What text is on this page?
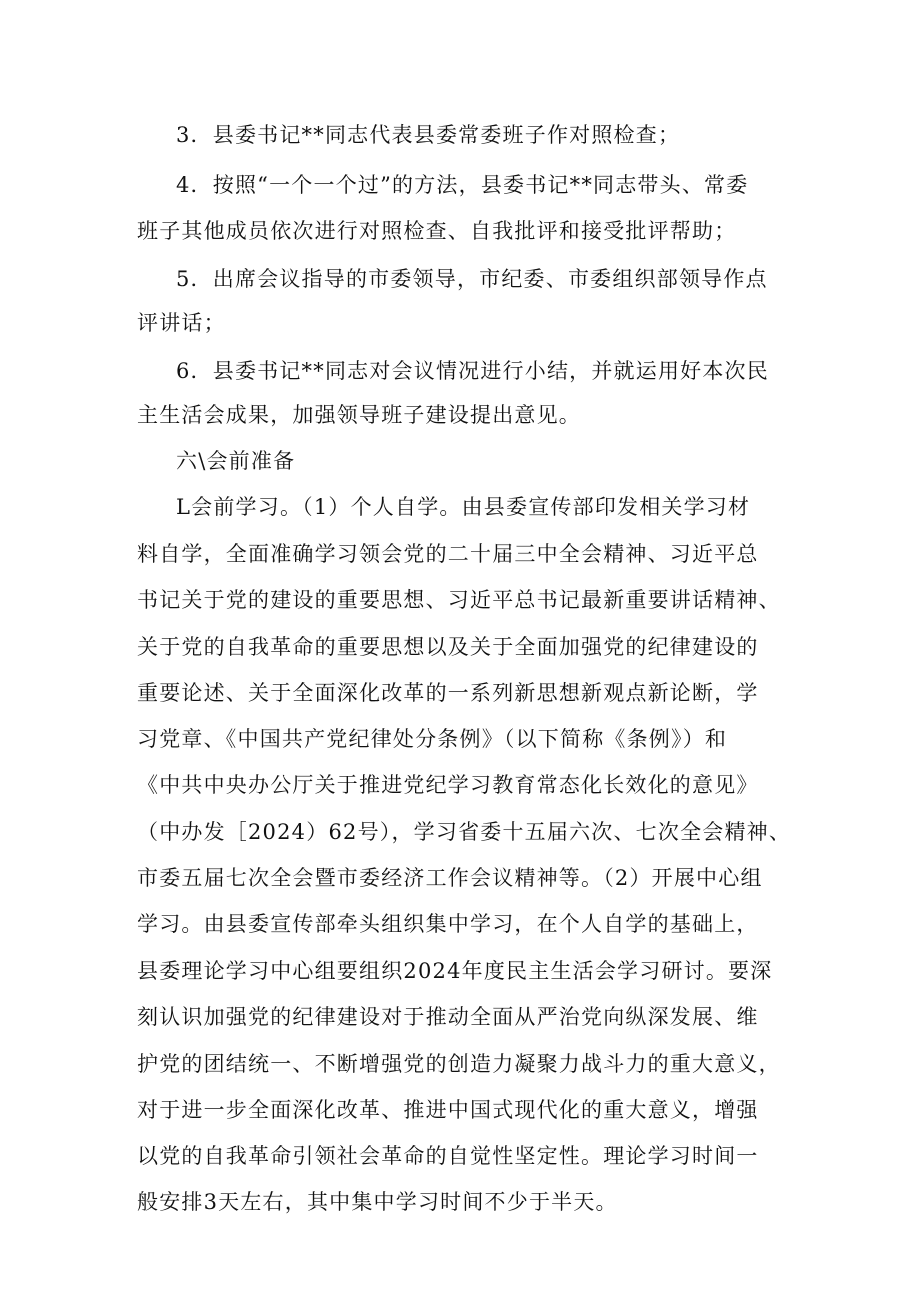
3．县委书记**同志代表县委常委班子作对照检查；
4．按照“一个一个过”的方法，县委书记**同志带头、常委
班子其他成员依次进行对照检查、自我批评和接受批评帮助；
5．出席会议指导的市委领导，市纪委、市委组织部领导作点
评讲话；
6．县委书记**同志对会议情况进行小结，并就运用好本次民
主生活会成果，加强领导班子建设提出意见。
六\会前准备
L会前学习。（1）个人自学。由县委宣传部印发相关学习材
料自学，全面准确学习领会党的二十届三中全会精神、习近平总
书记关于党的建设的重要思想、习近平总书记最新重要讲话精神、
关于党的自我革命的重要思想以及关于全面加强党的纪律建设的
重要论述、关于全面深化改革的一系列新思想新观点新论断，学
习党章、《中国共产党纪律处分条例》（以下简称《条例》）和
《中共中央办公厅关于推进党纪学习教育常态化长效化的意见》
（中办发［2024）62号），学习省委十五届六次、七次全会精神、
市委五届七次全会暨市委经济工作会议精神等。（2）开展中心组
学习。由县委宣传部牵头组织集中学习，在个人自学的基础上，
县委理论学习中心组要组织2024年度民主生活会学习研讨。要深
刻认识加强党的纪律建设对于推动全面从严治党向纵深发展、维
护党的团结统一、不断增强党的创造力凝聚力战斗力的重大意义，
对于进一步全面深化改革、推进中国式现代化的重大意义，增强
以党的自我革命引领社会革命的自觉性坚定性。理论学习时间一
般安排3天左右，其中集中学习时间不少于半天。
